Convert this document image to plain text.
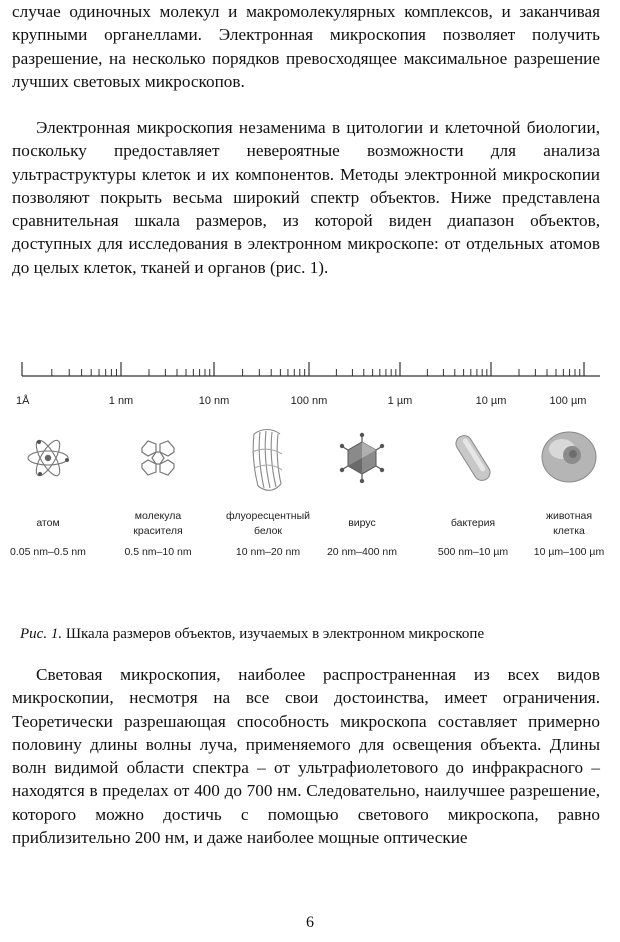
случае одиночных молекул и макромолекулярных комплексов, и заканчивая крупными органеллами. Электронная микроскопия позволяет получить разрешение, на несколько порядков превосходящее максимальное разрешение лучших световых микроскопов.

Электронная микроскопия незаменима в цитологии и клеточной биологии, поскольку предоставляет невероятные возможности для анализа ультраструктуры клеток и их компонентов. Методы электронной микроскопии позволяют покрыть весьма широкий спектр объектов. Ниже представлена сравнительная шкала размеров, из которой виден диапазон объектов, доступных для исследования в электронном микроскопе: от отдельных атомов до целых клеток, тканей и органов (рис. 1).

1Å	1 nm	10 nm	100 nm	1 µm	10 µm	100 µm
атом
0.05 nm–0.5 nm
молекула
красителя
0.5 nm–10 nm
флуоресцентный
белок
10 nm–20 nm
вирус
20 nm–400 nm
бактерия
500 nm–10 µm
животная
клетка
10 µm–100 µm
Рис. 1. Шкала размеров объектов, изучаемых в электронном микроскопе

Световая микроскопия, наиболее распространенная из всех видов микроскопии, несмотря на все свои достоинства, имеет ограничения. Теоретически разрешающая способность микроскопа составляет примерно половину длины волны луча, применяемого для освещения объекта. Длины волн видимой области спектра – от ультрафиолетового до инфракрасного – находятся в пределах от 400 до 700 нм. Следовательно, наилучшее разрешение, которого можно достичь с помощью светового микроскопа, равно приблизительно 200 нм, и даже наиболее мощные оптические

6
